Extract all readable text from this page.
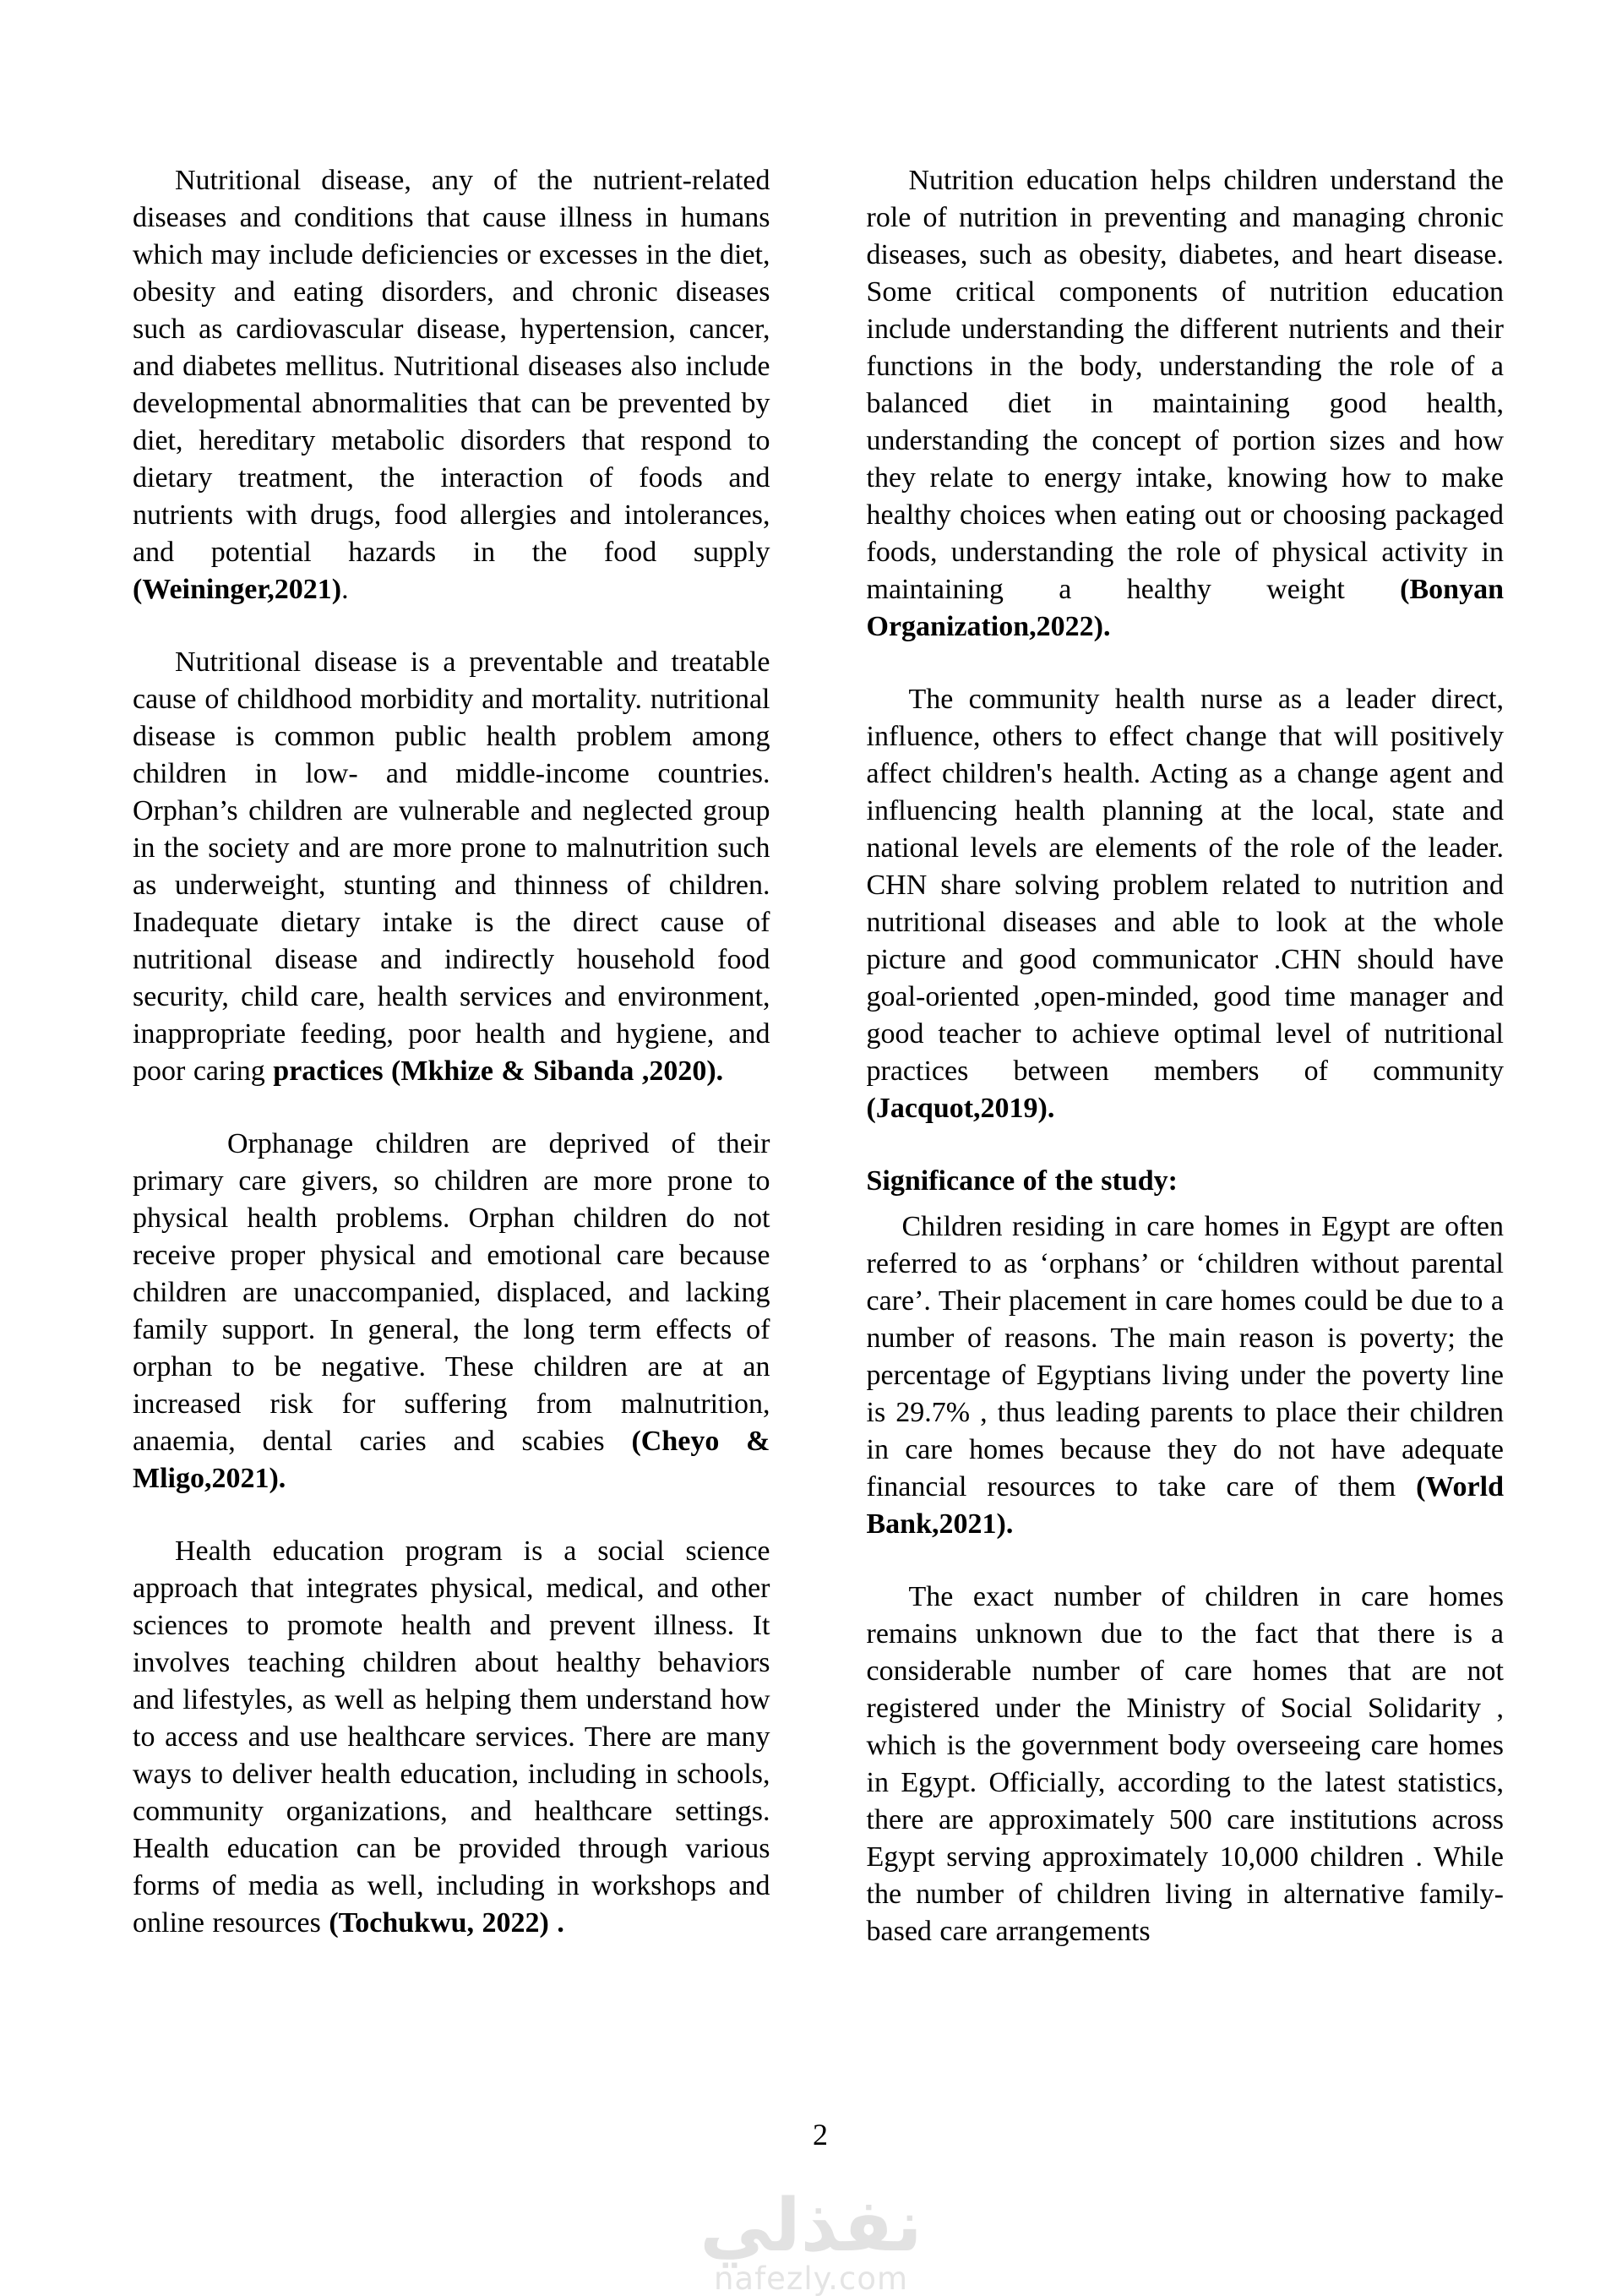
Nutritional disease, any of the nutrient-related diseases and conditions that cause illness in humans which may include deficiencies or excesses in the diet, obesity and eating disorders, and chronic diseases such as cardiovascular disease, hypertension, cancer, and diabetes mellitus. Nutritional diseases also include developmental abnormalities that can be prevented by diet, hereditary metabolic disorders that respond to dietary treatment, the interaction of foods and nutrients with drugs, food allergies and intolerances, and potential hazards in the food supply (Weininger,2021).

Nutritional disease is a preventable and treatable cause of childhood morbidity and mortality. nutritional disease is common public health problem among children in low- and middle-income countries. Orphan’s children are vulnerable and neglected group in the society and are more prone to malnutrition such as underweight, stunting and thinness of children. Inadequate dietary intake is the direct cause of nutritional disease and indirectly household food security, child care, health services and environment, inappropriate feeding, poor health and hygiene, and poor caring practices (Mkhize & Sibanda ,2020).

Orphanage children are deprived of their primary care givers, so children are more prone to physical health problems. Orphan children do not receive proper physical and emotional care because children are unaccompanied, displaced, and lacking family support. In general, the long term effects of orphan to be negative. These children are at an increased risk for suffering from malnutrition, anaemia, dental caries and scabies (Cheyo & Mligo,2021).

Health education program is a social science approach that integrates physical, medical, and other sciences to promote health and prevent illness. It involves teaching children about healthy behaviors and lifestyles, as well as helping them understand how to access and use healthcare services. There are many ways to deliver health education, including in schools, community organizations, and healthcare settings. Health education can be provided through various forms of media as well, including in workshops and online resources (Tochukwu, 2022) .

Nutrition education helps children understand the role of nutrition in preventing and managing chronic diseases, such as obesity, diabetes, and heart disease. Some critical components of nutrition education include understanding the different nutrients and their functions in the body, understanding the role of a balanced diet in maintaining good health, understanding the concept of portion sizes and how they relate to energy intake, knowing how to make healthy choices when eating out or choosing packaged foods, understanding the role of physical activity in maintaining a healthy weight (Bonyan Organization,2022).

The community health nurse as a leader direct, influence, others to effect change that will positively affect children's health. Acting as a change agent and influencing health planning at the local, state and national levels are elements of the role of the leader. CHN share solving problem related to nutrition and nutritional diseases and able to look at the whole picture and good communicator .CHN should have goal-oriented ,open-minded, good time manager and good teacher to achieve optimal level of nutritional practices between members of community (Jacquot,2019).

Significance of the study:

Children residing in care homes in Egypt are often referred to as ‘orphans’ or ‘children without parental care’. Their placement in care homes could be due to a number of reasons. The main reason is poverty; the percentage of Egyptians living under the poverty line is 29.7% , thus leading parents to place their children in care homes because they do not have adequate financial resources to take care of them (World Bank,2021).

The exact number of children in care homes remains unknown due to the fact that there is a considerable number of care homes that are not registered under the Ministry of Social Solidarity , which is the government body overseeing care homes in Egypt. Officially, according to the latest statistics, there are approximately 500 care institutions across Egypt serving approximately 10,000 children . While the number of children living in alternative family-based care arrangements

2
نفذلي
nafezly.com
